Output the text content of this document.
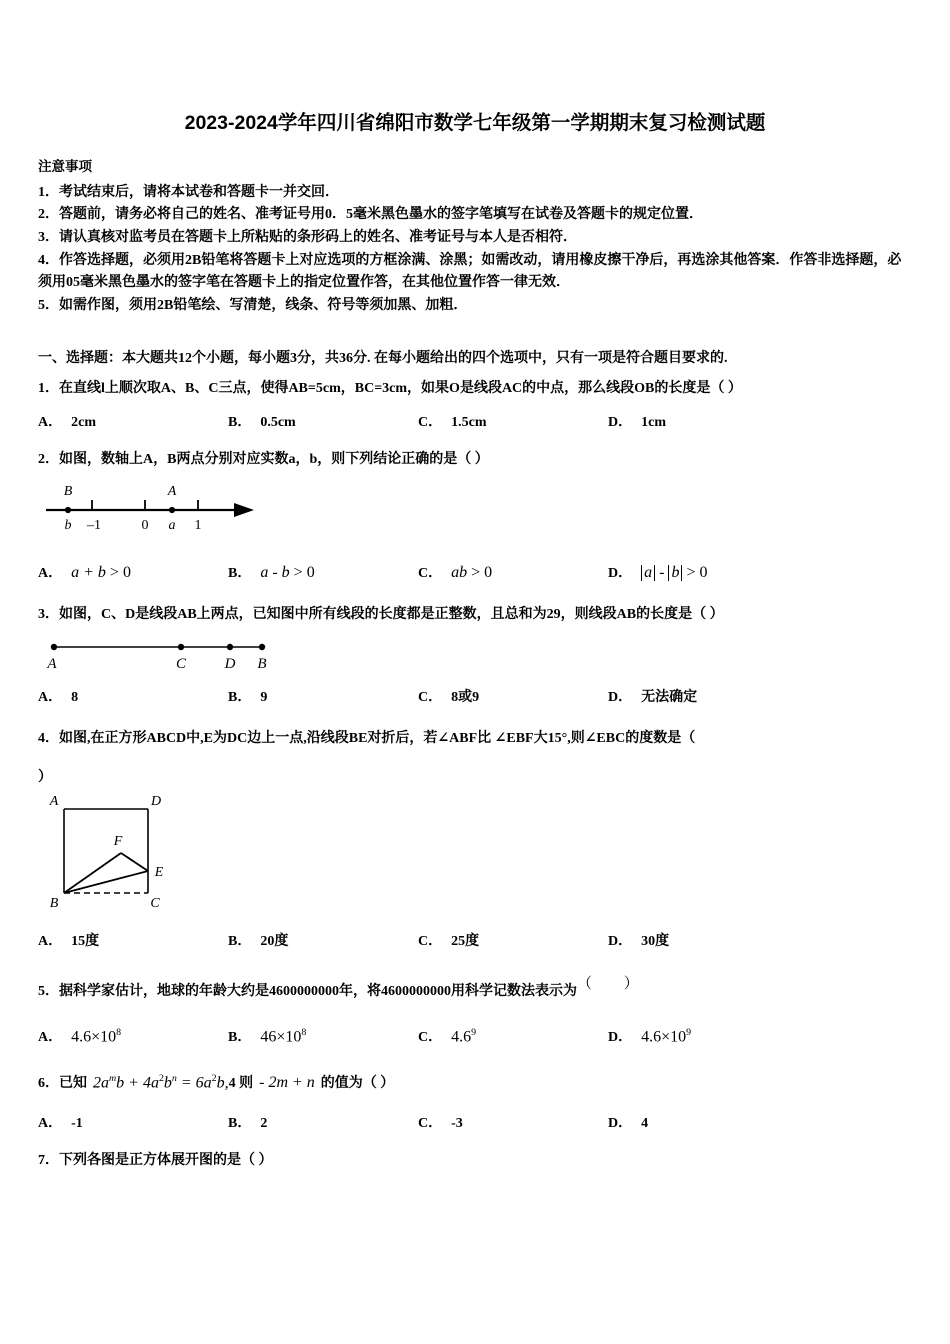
2023-2024学年四川省绵阳市数学七年级第一学期期末复习检测试题
注意事项
1．考试结束后，请将本试卷和答题卡一并交回．
2．答题前，请务必将自己的姓名、准考证号用0．5毫米黑色墨水的签字笔填写在试卷及答题卡的规定位置．
3．请认真核对监考员在答题卡上所粘贴的条形码上的姓名、准考证号与本人是否相符．
4．作答选择题，必须用2B铅笔将答题卡上对应选项的方框涂满、涂黑；如需改动，请用橡皮擦干净后，再选涂其他答案．作答非选择题，必须用05毫米黑色墨水的签字笔在答题卡上的指定位置作答，在其他位置作答一律无效．
5．如需作图，须用2B铅笔绘、写清楚，线条、符号等须加黑、加粗．
一、选择题：本大题共12个小题，每小题3分，共36分. 在每小题给出的四个选项中，只有一项是符合题目要求的.
1．在直线l上顺次取A、B、C三点，使得AB=5cm，BC=3cm，如果O是线段AC的中点，那么线段OB的长度是（ ）
A． 2cm	B． 0.5cm	C． 1.5cm	D． 1cm
2．如图，数轴上A，B两点分别对应实数a，b，则下列结论正确的是（ ）
B	A
b –1	0 a 1
A． a + b > 0	B． a - b > 0	C． ab > 0	D． a - b > 0
3．如图，C、D是线段AB上两点，已知图中所有线段的长度都是正整数，且总和为29，则线段AB的长度是（ ）
A	C	D B
A． 8	B． 9	C． 8或9	D． 无法确定
4．如图,在正方形ABCD中,E为DC边上一点,沿线段BE对折后，若∠ABF比 ∠EBF大15°,则∠EBC的度数是（
）
A	D
F
E
B	C
A． 15度	B． 20度	C． 25度	D． 30度
5．据科学家估计，地球的年龄大约是4600000000年，将4600000000用科学记数法表示为（ ）
A． $4.6\times 10^8$	B． $46\times 10^8$	C． $4.6^9$	D． $4.6\times 10^9$
6． 已知 $2a^mb + 4a^2b^n = 6a^2b$, 4 则 - 2m + n 的值为（ ）
A． -1	B． 2	C． -3	D． 4
7．下列各图是正方体展开图的是（ ）
